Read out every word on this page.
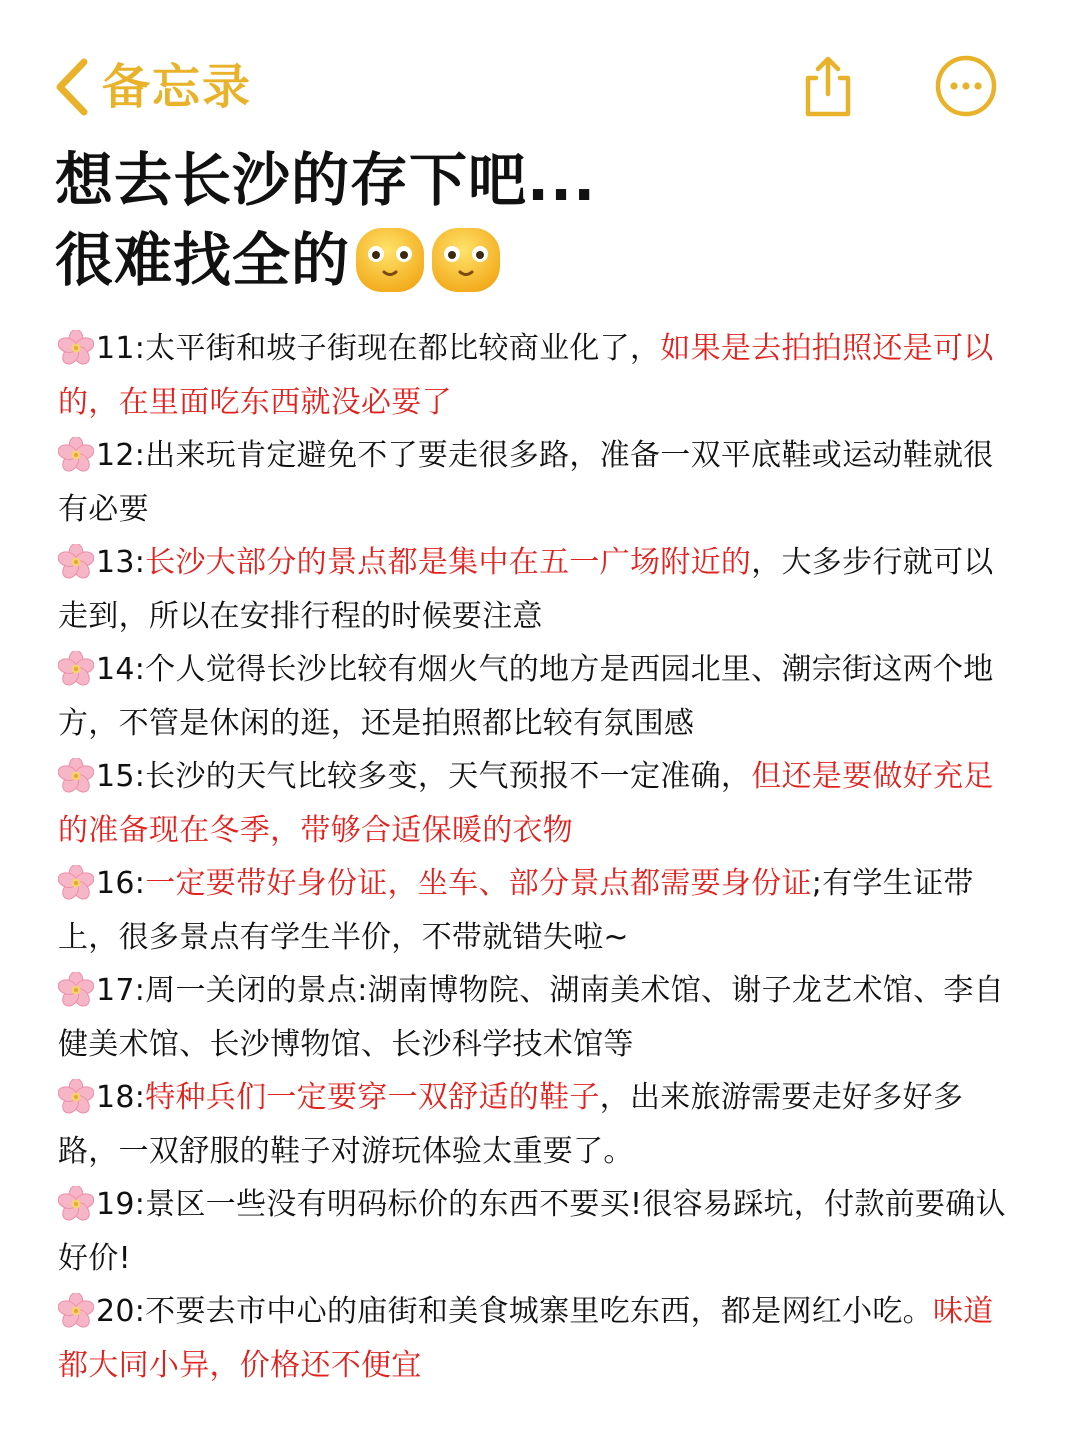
备忘录
想去长沙的存下吧...
很难找全的
11:太平街和坡子街现在都比较商业化了，如果是去拍拍照还是可以的，在里面吃东西就没必要了
12:出来玩肯定避免不了要走很多路，准备一双平底鞋或运动鞋就很有必要
13:长沙大部分的景点都是集中在五一广场附近的，大多步行就可以走到，所以在安排行程的时候要注意
14:个人觉得长沙比较有烟火气的地方是西园北里、潮宗街这两个地方，不管是休闲的逛，还是拍照都比较有氛围感
15:长沙的天气比较多变，天气预报不一定准确，但还是要做好充足的准备现在冬季，带够合适保暖的衣物
16:一定要带好身份证，坐车、部分景点都需要身份证;有学生证带上，很多景点有学生半价，不带就错失啦~
17:周一关闭的景点:湖南博物院、湖南美术馆、谢子龙艺术馆、李自健美术馆、长沙博物馆、长沙科学技术馆等
18:特种兵们一定要穿一双舒适的鞋子，出来旅游需要走好多好多路，一双舒服的鞋子对游玩体验太重要了。
19:景区一些没有明码标价的东西不要买!很容易踩坑，付款前要确认好价!
20:不要去市中心的庙街和美食城寨里吃东西，都是网红小吃。味道都大同小异，价格还不便宜
